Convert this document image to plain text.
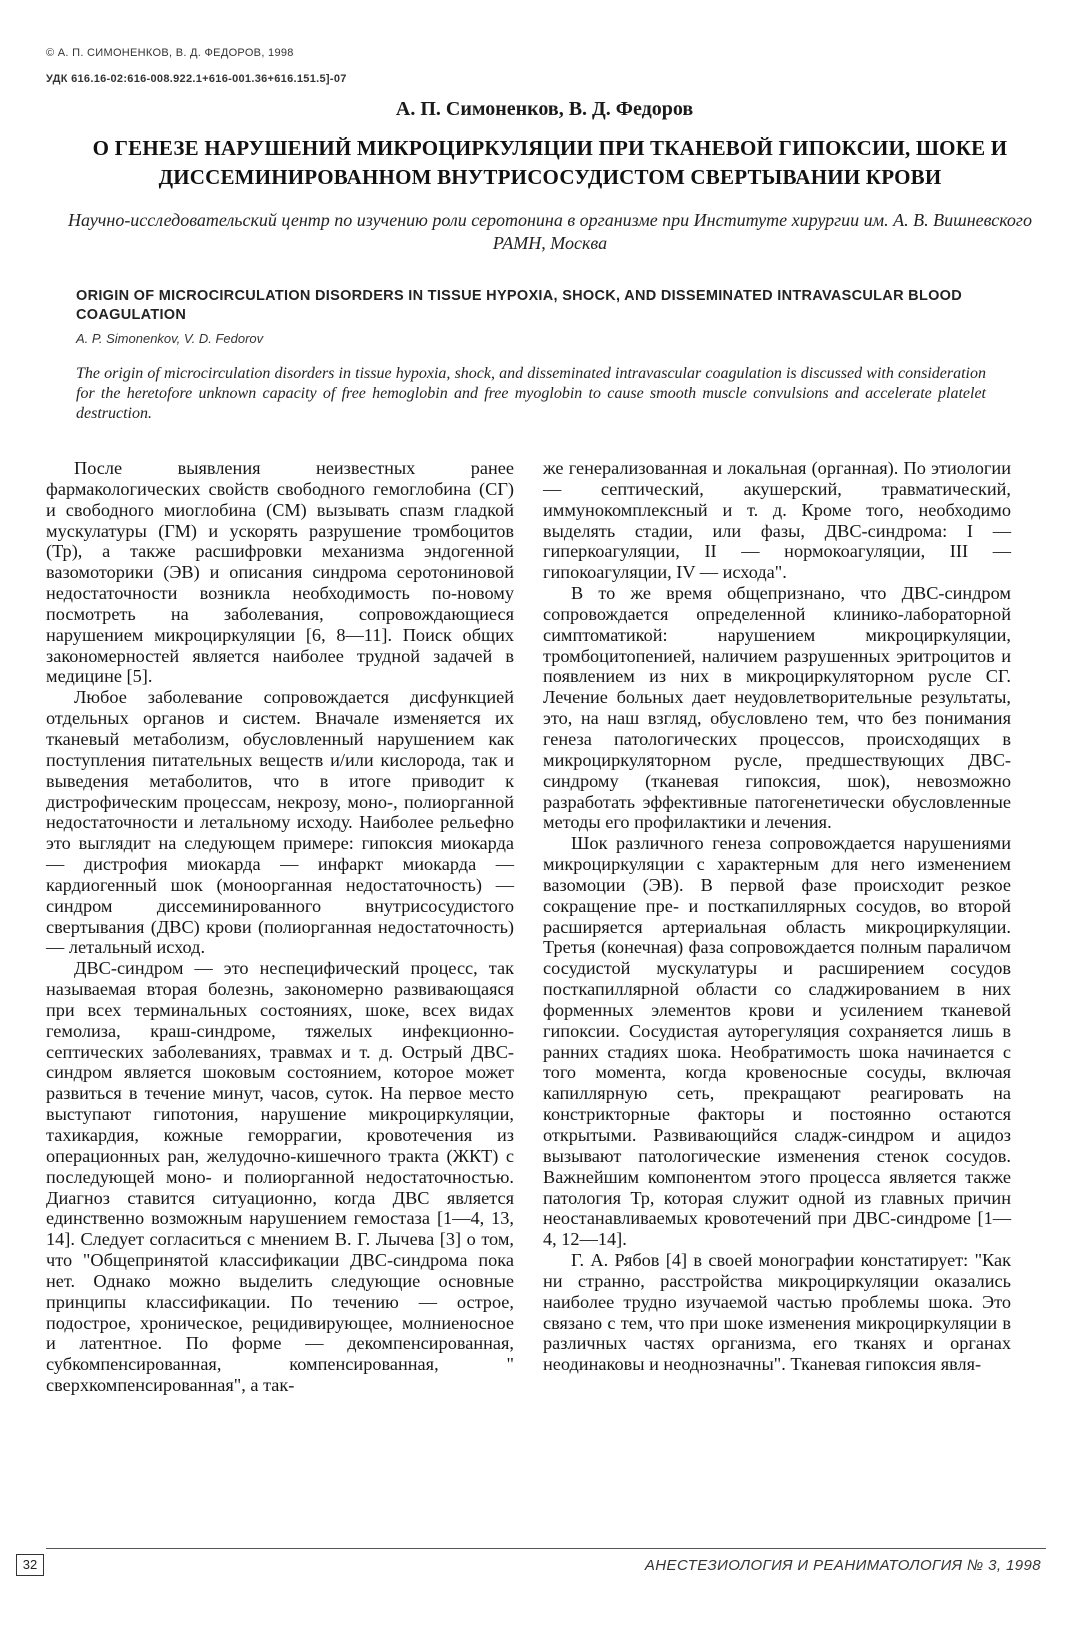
© А. П. СИМОНЕНКОВ, В. Д. ФЕДОРОВ, 1998

УДК 616.16-02:616-008.922.1+616-001.36+616.151.5]-07

А. П. Симоненков, В. Д. Федоров

О ГЕНЕЗЕ НАРУШЕНИЙ МИКРОЦИРКУЛЯЦИИ ПРИ ТКАНЕВОЙ ГИПОКСИИ, ШОКЕ И ДИССЕМИНИРОВАННОМ ВНУТРИСОСУДИСТОМ СВЕРТЫВАНИИ КРОВИ

Научно-исследовательский центр по изучению роли серотонина в организме при Институте хирургии им. А. В. Вишневского РАМН, Москва

ORIGIN OF MICROCIRCULATION DISORDERS IN TISSUE HYPOXIA, SHOCK, AND DISSEMINATED INTRAVASCULAR BLOOD COAGULATION

A. P. Simonenkov, V. D. Fedorov

The origin of microcirculation disorders in tissue hypoxia, shock, and disseminated intravascular coagulation is discussed with consideration for the heretofore unknown capacity of free hemoglobin and free myoglobin to cause smooth muscle convulsions and accelerate platelet destruction.

После выявления неизвестных ранее фармакологических свойств свободного гемоглобина (СГ) и свободного миоглобина (СМ) вызывать спазм гладкой мускулатуры (ГМ) и ускорять разрушение тромбоцитов (Тр), а также расшифровки механизма эндогенной вазомоторики (ЭВ) и описания синдрома серотониновой недостаточности возникла необходимость по-новому посмотреть на заболевания, сопровождающиеся нарушением микроциркуляции [6, 8—11]. Поиск общих закономерностей является наиболее трудной задачей в медицине [5].

Любое заболевание сопровождается дисфункцией отдельных органов и систем. Вначале изменяется их тканевый метаболизм, обусловленный нарушением как поступления питательных веществ и/или кислорода, так и выведения метаболитов, что в итоге приводит к дистрофическим процессам, некрозу, моно-, полиорганной недостаточности и летальному исходу. Наиболее рельефно это выглядит на следующем примере: гипоксия миокарда — дистрофия миокарда — инфаркт миокарда — кардиогенный шок (моноорганная недостаточность) — синдром диссеминированного внутрисосудистого свертывания (ДВС) крови (полиорганная недостаточность) — летальный исход.

ДВС-синдром — это неспецифический процесс, так называемая вторая болезнь, закономерно развивающаяся при всех терминальных состояниях, шоке, всех видах гемолиза, краш-синдроме, тяжелых инфекционно-септических заболеваниях, травмах и т. д. Острый ДВС-синдром является шоковым состоянием, которое может развиться в течение минут, часов, суток. На первое место выступают гипотония, нарушение микроциркуляции, тахикардия, кожные геморрагии, кровотечения из операционных ран, желудочно-кишечного тракта (ЖКТ) с последующей моно- и полиорганной недостаточностью. Диагноз ставится ситуационно, когда ДВС является единственно возможным нарушением гемостаза [1—4, 13, 14]. Следует согласиться с мнением В. Г. Лычева [3] о том, что "Общепринятой классификации ДВС-синдрома пока нет. Однако можно выделить следующие основные принципы классификации. По течению — острое, подострое, хроническое, рецидивирующее, молниеносное и латентное. По форме — декомпенсированная, субкомпенсированная, компенсированная, " сверхкомпенсированная", а так-

же генерализованная и локальная (органная). По этиологии — септический, акушерский, травматический, иммунокомплексный и т. д. Кроме того, необходимо выделять стадии, или фазы, ДВС-синдрома: I — гиперкоагуляции, II — нормокоагуляции, III — гипокоагуляции, IV — исхода".

В то же время общепризнано, что ДВС-синдром сопровождается определенной клинико-лабораторной симптоматикой: нарушением микроциркуляции, тромбоцитопенией, наличием разрушенных эритроцитов и появлением из них в микроциркуляторном русле СГ. Лечение больных дает неудовлетворительные результаты, это, на наш взгляд, обусловлено тем, что без понимания генеза патологических процессов, происходящих в микроциркуляторном русле, предшествующих ДВС-синдрому (тканевая гипоксия, шок), невозможно разработать эффективные патогенетически обусловленные методы его профилактики и лечения.

Шок различного генеза сопровождается нарушениями микроциркуляции с характерным для него изменением вазомоции (ЭВ). В первой фазе происходит резкое сокращение пре- и посткапиллярных сосудов, во второй расширяется артериальная область микроциркуляции. Третья (конечная) фаза сопровождается полным параличом сосудистой мускулатуры и расширением сосудов посткапиллярной области со сладжированием в них форменных элементов крови и усилением тканевой гипоксии. Сосудистая ауторегуляция сохраняется лишь в ранних стадиях шока. Необратимость шока начинается с того момента, когда кровеносные сосуды, включая капиллярную сеть, прекращают реагировать на констрикторные факторы и постоянно остаются открытыми. Развивающийся сладж-синдром и ацидоз вызывают патологические изменения стенок сосудов. Важнейшим компонентом этого процесса является также патология Тр, которая служит одной из главных причин неостанавливаемых кровотечений при ДВС-синдроме [1—4, 12—14].

Г. А. Рябов [4] в своей монографии констатирует: "Как ни странно, расстройства микроциркуляции оказались наиболее трудно изучаемой частью проблемы шока. Это связано с тем, что при шоке изменения микроциркуляции в различных частях организма, его тканях и органах неодинаковы и неоднозначны". Тканевая гипоксия явля-

32	АНЕСТЕЗИОЛОГИЯ И РЕАНИМАТОЛОГИЯ № 3, 1998
